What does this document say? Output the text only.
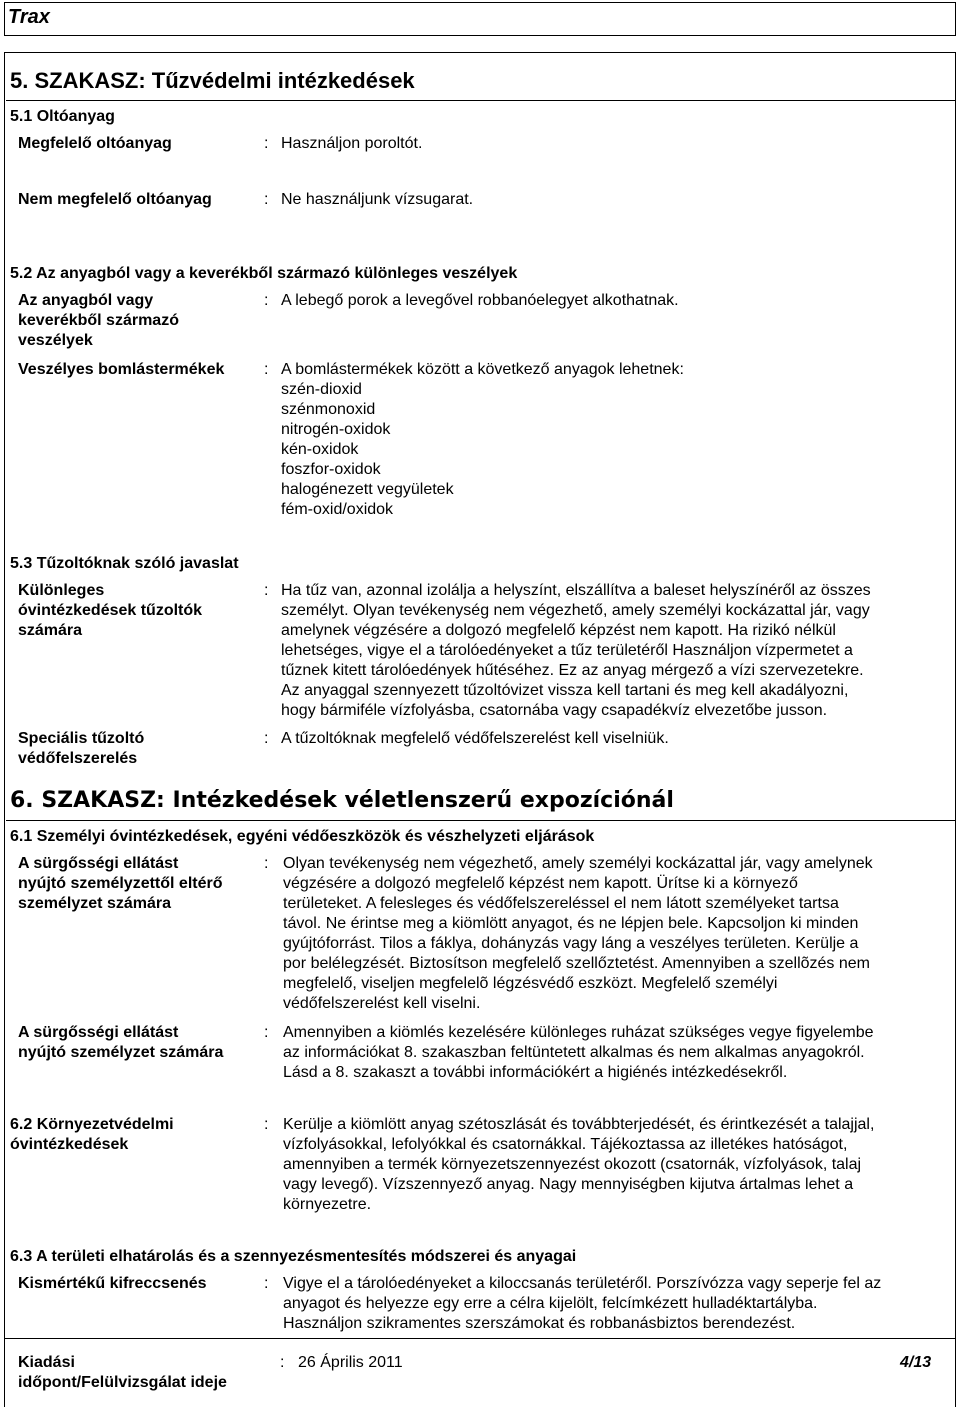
Trax
5. SZAKASZ: Tűzvédelmi intézkedések
5.1 Oltóanyag
Megfelelő oltóanyag	: Használjon poroltót.
Nem megfelelő oltóanyag	: Ne használjunk vízsugarat.
5.2 Az anyagból vagy a keverékből származó különleges veszélyek
Az anyagból vagy
keverékből származó
veszélyek
: A lebegő porok a levegővel robbanóelegyet alkothatnak.
Veszélyes bomlástermékek : A bomlástermékek között a következő anyagok lehetnek:
szén-dioxid
szénmonoxid
nitrogén-oxidok
kén-oxidok
foszfor-oxidok
halogénezett vegyületek
fém-oxid/oxidok
5.3 Tűzoltóknak szóló javaslat
Különleges
óvintézkedések tűzoltók
számára
: Ha tűz van, azonnal izolálja a helyszínt, elszállítva a baleset helyszínéről az összes
személyt. Olyan tevékenység nem végezhető, amely személyi kockázattal jár, vagy
amelynek végzésére a dolgozó megfelelő képzést nem kapott. Ha rizikó nélkül
lehetséges, vigye el a tárolóedényeket a tűz területéről Használjon vízpermetet a
tűznek kitett tárolóedények hűtéséhez. Ez az anyag mérgező a vízi szervezetekre.
Az anyaggal szennyezett tűzoltóvizet vissza kell tartani és meg kell akadályozni,
hogy bármiféle vízfolyásba, csatornába vagy csapadékvíz elvezetőbe jusson.
Speciális tűzoltó
védőfelszerelés
: A tűzoltóknak megfelelő védőfelszerelést kell viselniük.
6. SZAKASZ: Intézkedések véletlenszerű expozíciónál
6.1 Személyi óvintézkedések, egyéni védőeszközök és vészhelyzeti eljárások
A sürgősségi ellátást
nyújtó személyzettől eltérő
személyzet számára
: Olyan tevékenység nem végezhető, amely személyi kockázattal jár, vagy amelynek
végzésére a dolgozó megfelelő képzést nem kapott. Ürítse ki a környező
területeket. A felesleges és védőfelszereléssel el nem látott személyeket tartsa
távol. Ne érintse meg a kiömlött anyagot, és ne lépjen bele. Kapcsoljon ki minden
gyújtóforrást. Tilos a fáklya, dohányzás vagy láng a veszélyes területen. Kerülje a
por belélegzését. Biztosítson megfelelő szellőztetést. Amennyiben a szellõzés nem
megfelelő, viseljen megfelelõ légzésvédő eszközt. Megfelelő személyi
védőfelszerelést kell viselni.
A sürgősségi ellátást
nyújtó személyzet számára
: Amennyiben a kiömlés kezelésére különleges ruházat szükséges vegye figyelembe
az információkat 8. szakaszban feltüntetett alkalmas és nem alkalmas anyagokról.
Lásd a 8. szakaszt a további információkért a higiénés intézkedésekről.
6.2 Környezetvédelmi
óvintézkedések
: Kerülje a kiömlött anyag szétoszlását és továbbterjedését, és érintkezését a talajjal,
vízfolyásokkal, lefolyókkal és csatornákkal. Tájékoztassa az illetékes hatóságot,
amennyiben a termék környezetszennyezést okozott (csatornák, vízfolyások, talaj
vagy levegő). Vízszennyező anyag. Nagy mennyiségben kijutva ártalmas lehet a
környezetre.
6.3 A területi elhatárolás és a szennyezésmentesítés módszerei és anyagai
Kismértékű kifreccsenés	: Vigye el a tárolóedényeket a kiloccsanás területéről. Porszívózza vagy seperje fel az
anyagot és helyezze egy erre a célra kijelölt, felcímkézett hulladéktartályba.
Használjon szikramentes szerszámokat és robbanásbiztos berendezést.
Kiadási
időpont/Felülvizsgálat ideje
: 26 Április 2011	4/13
